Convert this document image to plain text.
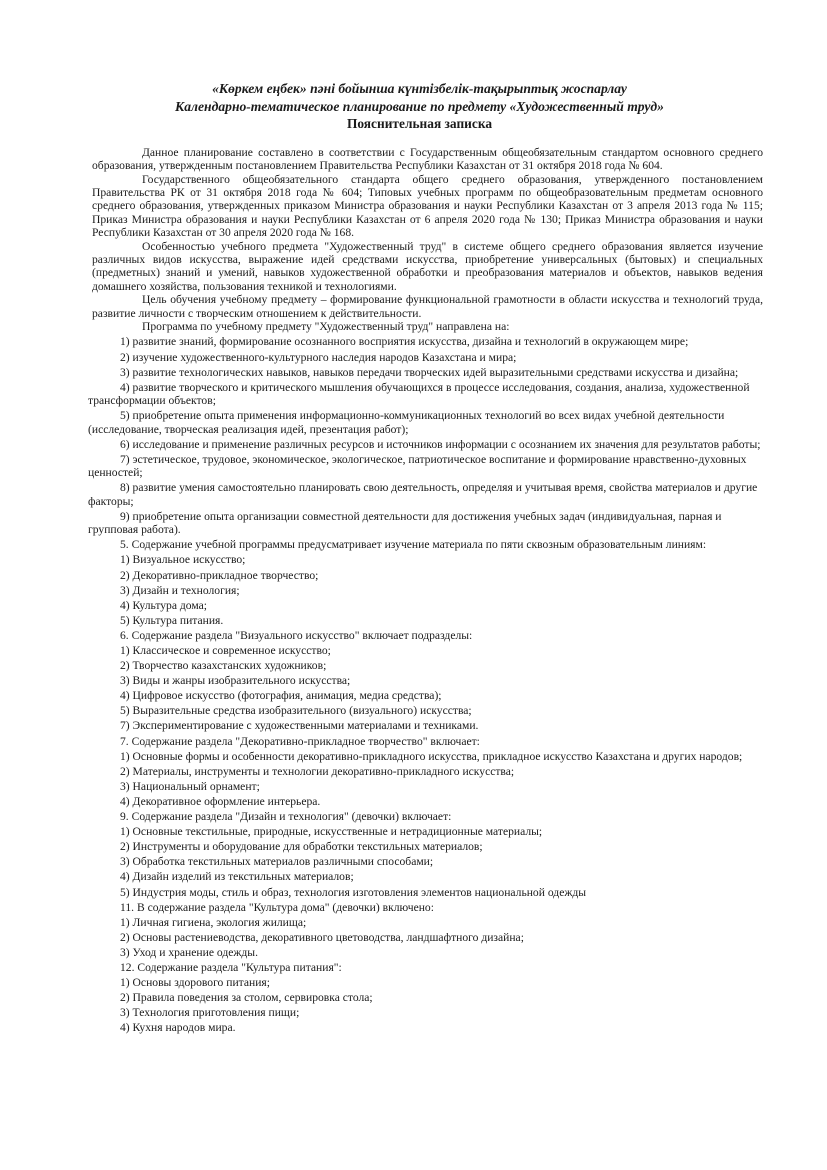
«Көркем еңбек» пәні бойынша күнтізбелік-тақырыптық жоспарлау
Календарно-тематическое планирование по предмету «Художественный труд»
Пояснительная записка

Данное планирование составлено в соответствии с Государственным общеобязательным стандартом основного среднего образования, утвержденным постановлением Правительства Республики Казахстан от 31 октября 2018 года № 604.

Государственного общеобязательного стандарта общего среднего образования, утвержденного постановлением Правительства РК от 31 октября 2018 года № 604; Типовых учебных программ по общеобразовательным предметам основного среднего образования, утвержденных приказом Министра образования и науки Республики Казахстан от 3 апреля 2013 года № 115; Приказ Министра образования и науки Республики Казахстан от 6 апреля 2020 года № 130; Приказ Министра образования и науки Республики Казахстан от 30 апреля 2020 года № 168.

Особенностью учебного предмета "Художественный труд" в системе общего среднего образования является изучение различных видов искусства, выражение идей средствами искусства, приобретение универсальных (бытовых) и специальных (предметных) знаний и умений, навыков художественной обработки и преобразования материалов и объектов, навыков ведения домашнего хозяйства, пользования техникой и технологиями.

Цель обучения учебному предмету – формирование функциональной грамотности в области искусства и технологий труда, развитие личности с творческим отношением к действительности.

Программа по учебному предмету "Художественный труд" направлена на:

1) развитие знаний, формирование осознанного восприятия искусства, дизайна и технологий в окружающем мире;

2) изучение художественного-культурного наследия народов Казахстана и мира;

3) развитие технологических навыков, навыков передачи творческих идей выразительными средствами искусства и дизайна;

4) развитие творческого и критического мышления обучающихся в процессе исследования, создания, анализа, художественной трансформации объектов;

5) приобретение опыта применения информационно-коммуникационных технологий во всех видах учебной деятельности (исследование, творческая реализация идей, презентация работ);

6) исследование и применение различных ресурсов и источников информации с осознанием их значения для результатов работы;

7) эстетическое, трудовое, экономическое, экологическое, патриотическое воспитание и формирование нравственно-духовных ценностей;

8) развитие умения самостоятельно планировать свою деятельность, определяя и учитывая время, свойства материалов и другие факторы;

9) приобретение опыта организации совместной деятельности для достижения учебных задач (индивидуальная, парная и групповая работа).

5. Содержание учебной программы предусматривает изучение материала по пяти сквозным образовательным линиям:

1) Визуальное искусство;

2) Декоративно-прикладное творчество;

3) Дизайн и технология;

4) Культура дома;

5) Культура питания.

6. Содержание раздела "Визуального искусство" включает подразделы:

1) Классическое и современное искусство;

2) Творчество казахстанских художников;

3) Виды и жанры изобразительного искусства;

4) Цифровое искусство (фотография, анимация, медиа средства);

5) Выразительные средства изобразительного (визуального) искусства;

7) Экспериментирование с художественными материалами и техниками.

7. Содержание раздела "Декоративно-прикладное творчество" включает:

1) Основные формы и особенности декоративно-прикладного искусства, прикладное искусство Казахстана и других народов;

2) Материалы, инструменты и технологии декоративно-прикладного искусства;

3) Национальный орнамент;

4) Декоративное оформление интерьера.

9. Содержание раздела "Дизайн и технология" (девочки) включает:

1) Основные текстильные, природные, искусственные и нетрадиционные материалы;

2) Инструменты и оборудование для обработки текстильных материалов;

3) Обработка текстильных материалов различными способами;

4) Дизайн изделий из текстильных материалов;

5) Индустрия моды, стиль и образ, технология изготовления элементов национальной одежды

11. В содержание раздела "Культура дома" (девочки) включено:

1) Личная гигиена, экология жилища;

2) Основы растениеводства, декоративного цветоводства, ландшафтного дизайна;

3) Уход и хранение одежды.

12. Содержание раздела "Культура питания":

1) Основы здорового питания;

2) Правила поведения за столом, сервировка стола;

3) Технология приготовления пищи;

4) Кухня народов мира.
